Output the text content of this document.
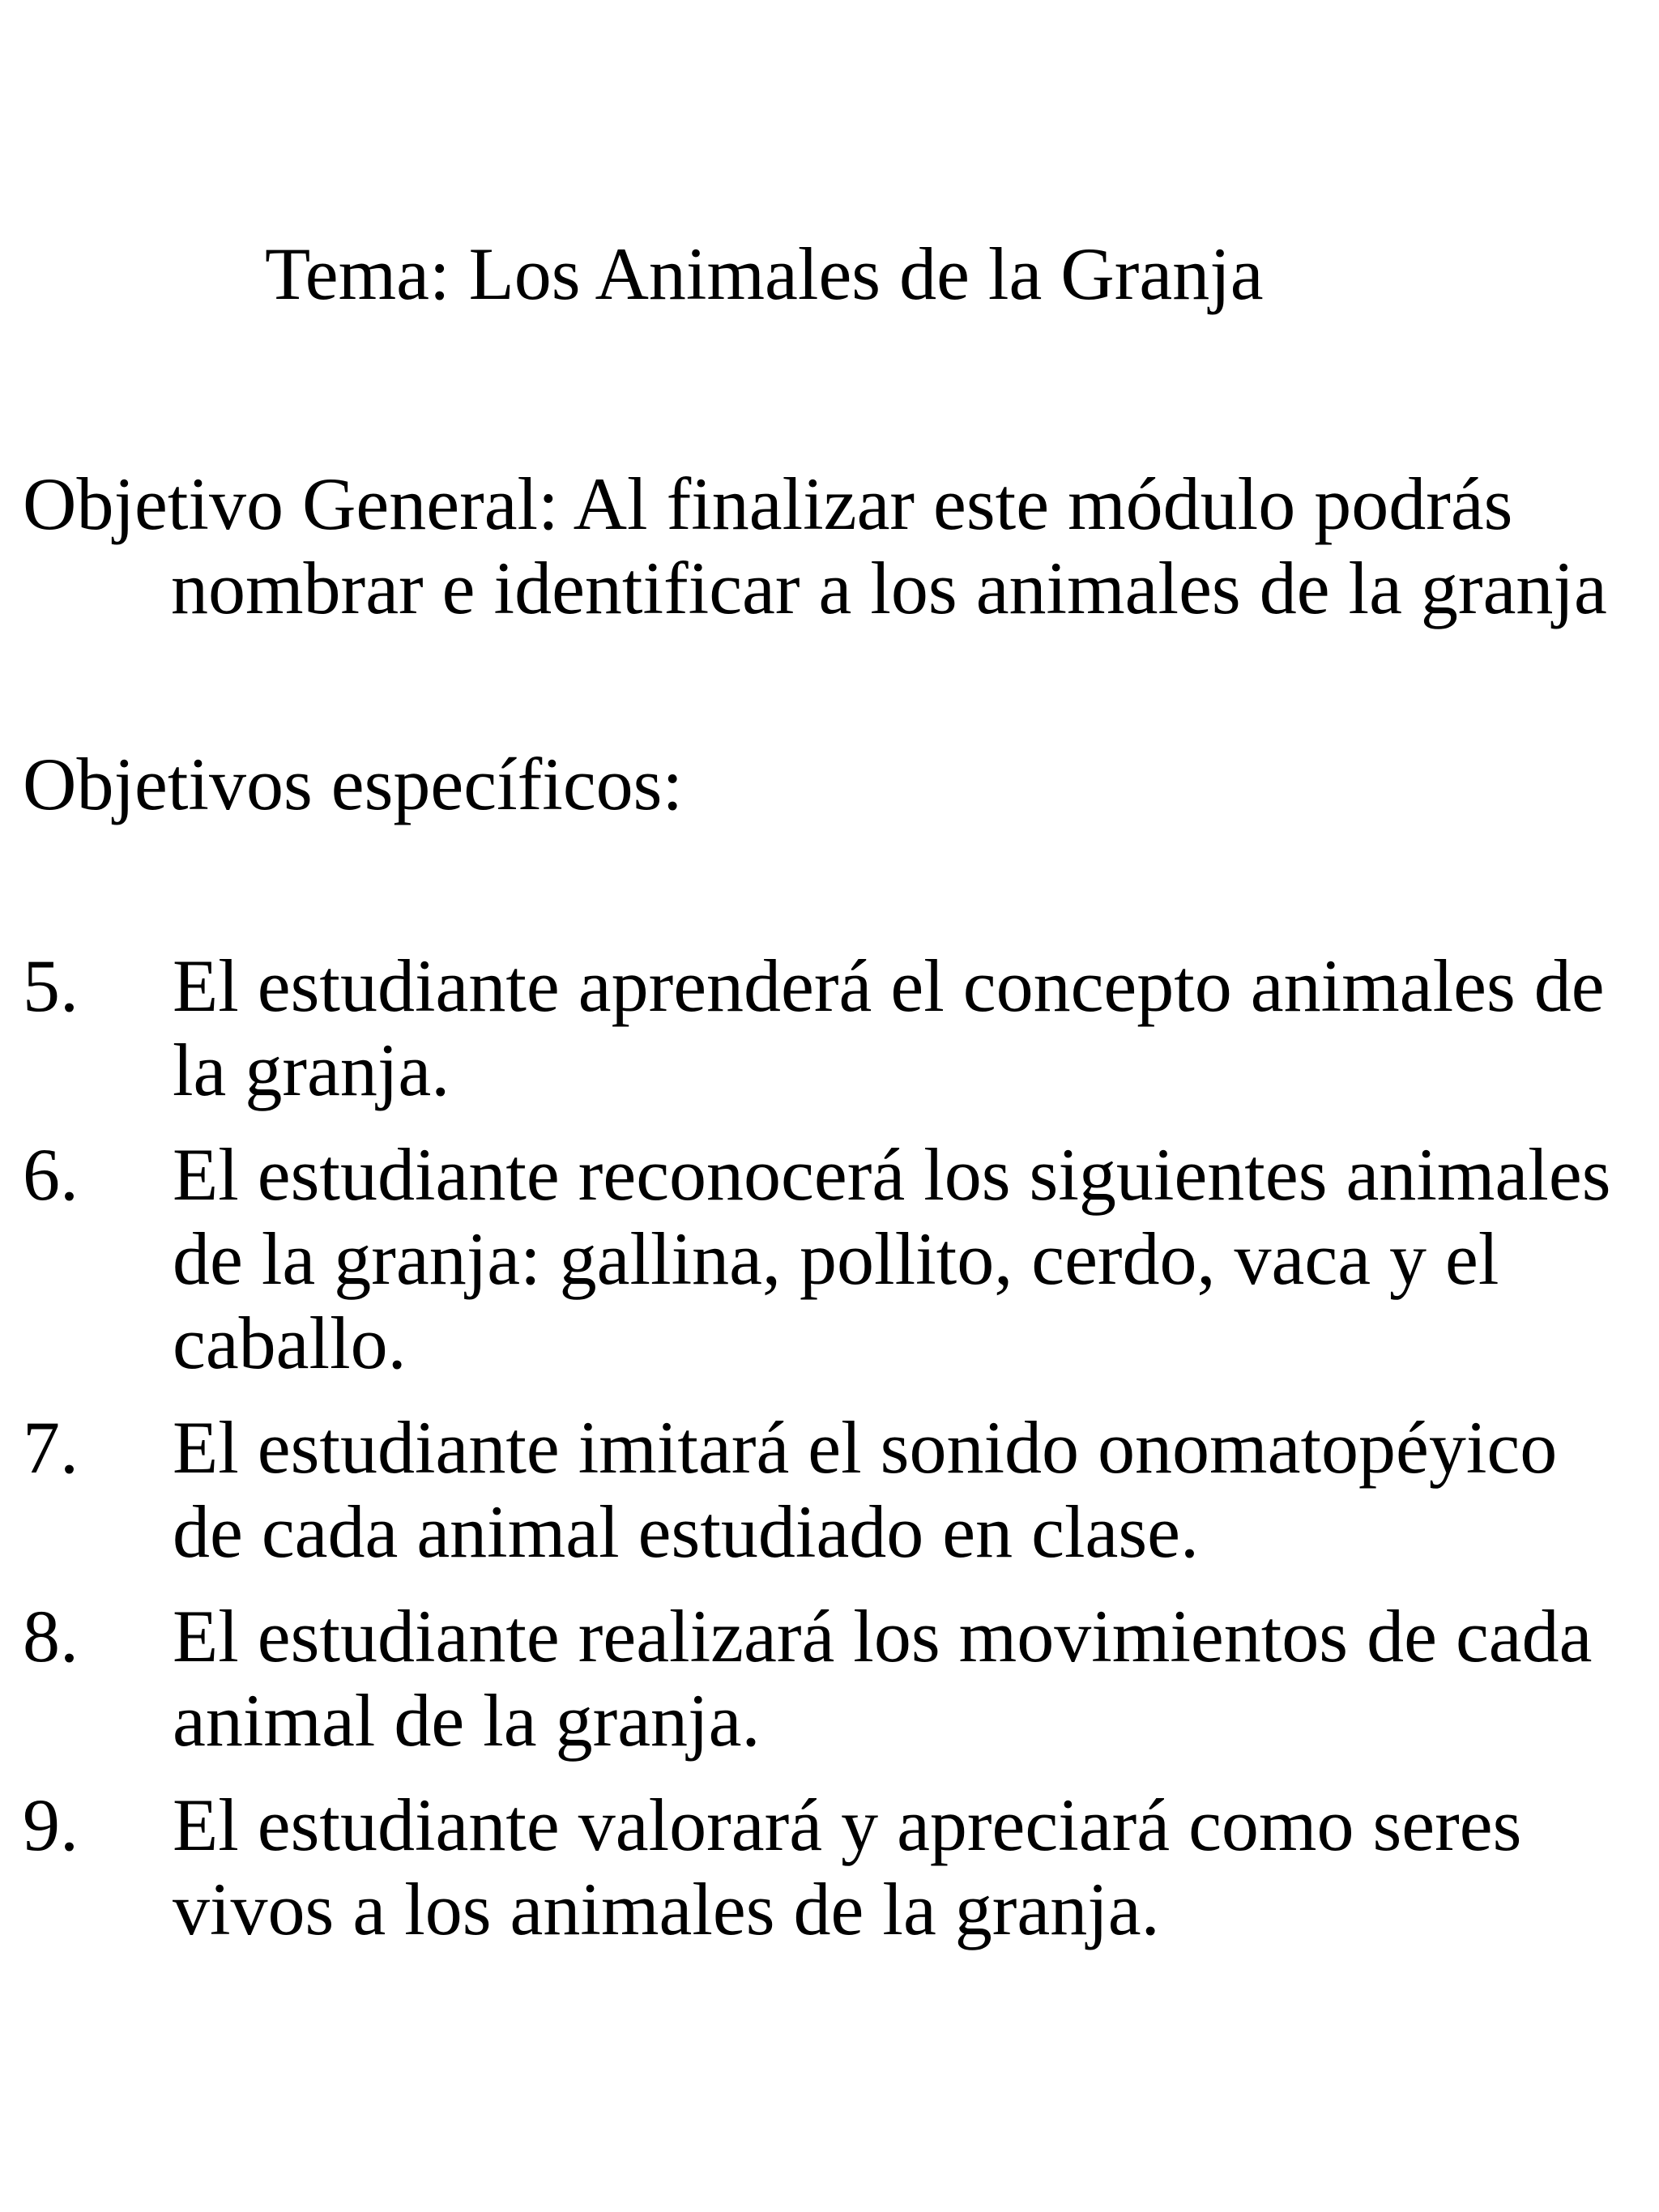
Tema: Los Animales de la Granja
Objetivo General: Al finalizar este módulo podrás
nombrar e identificar a los animales de la granja
Objetivos específicos:
5.	El estudiante aprenderá el concepto animales de la granja.
6.	El estudiante reconocerá los siguientes animales de la granja: gallina, pollito, cerdo, vaca y el caballo.
7.	El estudiante imitará el sonido onomatopéyico de cada animal estudiado en clase.
8.	El estudiante realizará los movimientos de cada animal de la granja.
9.	El estudiante valorará y apreciará como seres vivos a los animales de la granja.
